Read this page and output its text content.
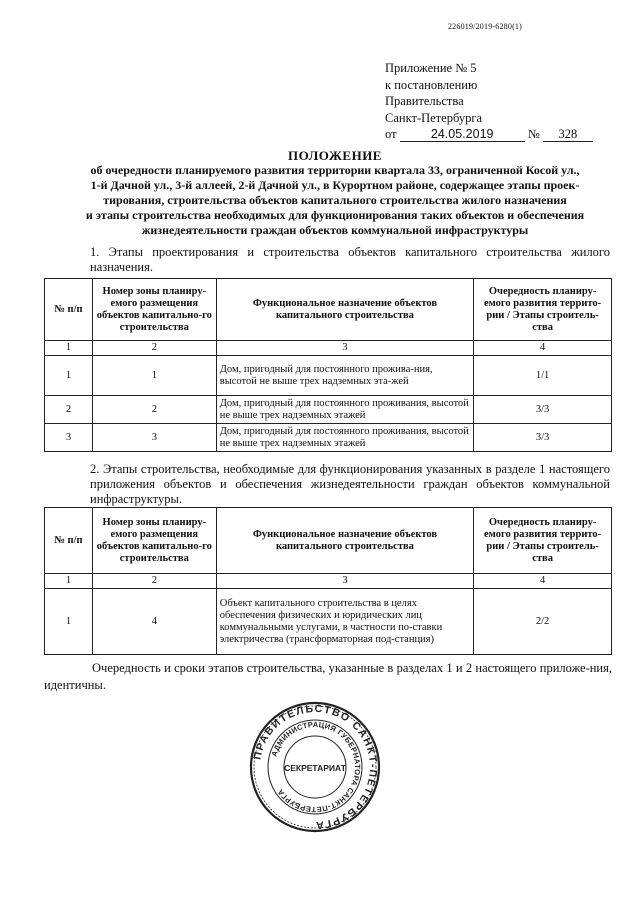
226019/2019-6280(1)
Приложение № 5
к постановлению
Правительства
Санкт-Петербурга
от	24.05.2019	№ 328
ПОЛОЖЕНИЕ
об очередности планируемого развития территории квартала 33, ограниченной Косой ул.,
1-й Дачной ул., 3-й аллеей, 2-й Дачной ул., в Курортном районе, содержащее этапы проек-
тирования, строительства объектов капитального строительства жилого назначения
и этапы строительства необходимых для функционирования таких объектов и обеспечения
жизнедеятельности граждан объектов коммунальной инфраструктуры
1. Этапы проектирования и строительства объектов капитального строительства жилого назначения.
№ п/п	Номер зоны планиру-емого размещения объектов капитально-го строительства	Функциональное назначение объектов капитального строительства	Очередность планиру-емого развития террито-рии / Этапы строитель-ства
1	2	3	4
1	1	Дом, пригодный для постоянного прожива-ния, высотой не выше трех надземных эта-жей	1/1
2	2	Дом, пригодный для постоянного проживания, высотой не выше трех надземных этажей	3/3
3	3	Дом, пригодный для постоянного проживания, высотой не выше трех надземных этажей	3/3
2. Этапы строительства, необходимые для функционирования указанных в разделе 1 настоящего приложения объектов и обеспечения жизнедеятельности граждан объектов коммунальной инфраструктуры.
№ п/п	Номер зоны планиру-емого размещения объектов капитально-го строительства	Функциональное назначение объектов капитального строительства	Очередность планиру-емого развития террито-рии / Этапы строитель-ства
1	2	3	4
1	4	Объект капитального строительства в целях обеспечения физических и юридических лиц коммунальными услугами, в частности по-ставки электричества (трансформаторная под-станция)	2/2
Очередность и сроки этапов строительства, указанные в разделах 1 и 2 настоящего приложе-ния, идентичны.
ПРАВИТЕЛЬСТВО САНКТ-ПЕТЕРБУРГА
АДМИНИСТРАЦИЯ ГУБЕРНАТОРА САНКТ-ПЕТЕРБУРГА
СЕКРЕТАРИАТ
